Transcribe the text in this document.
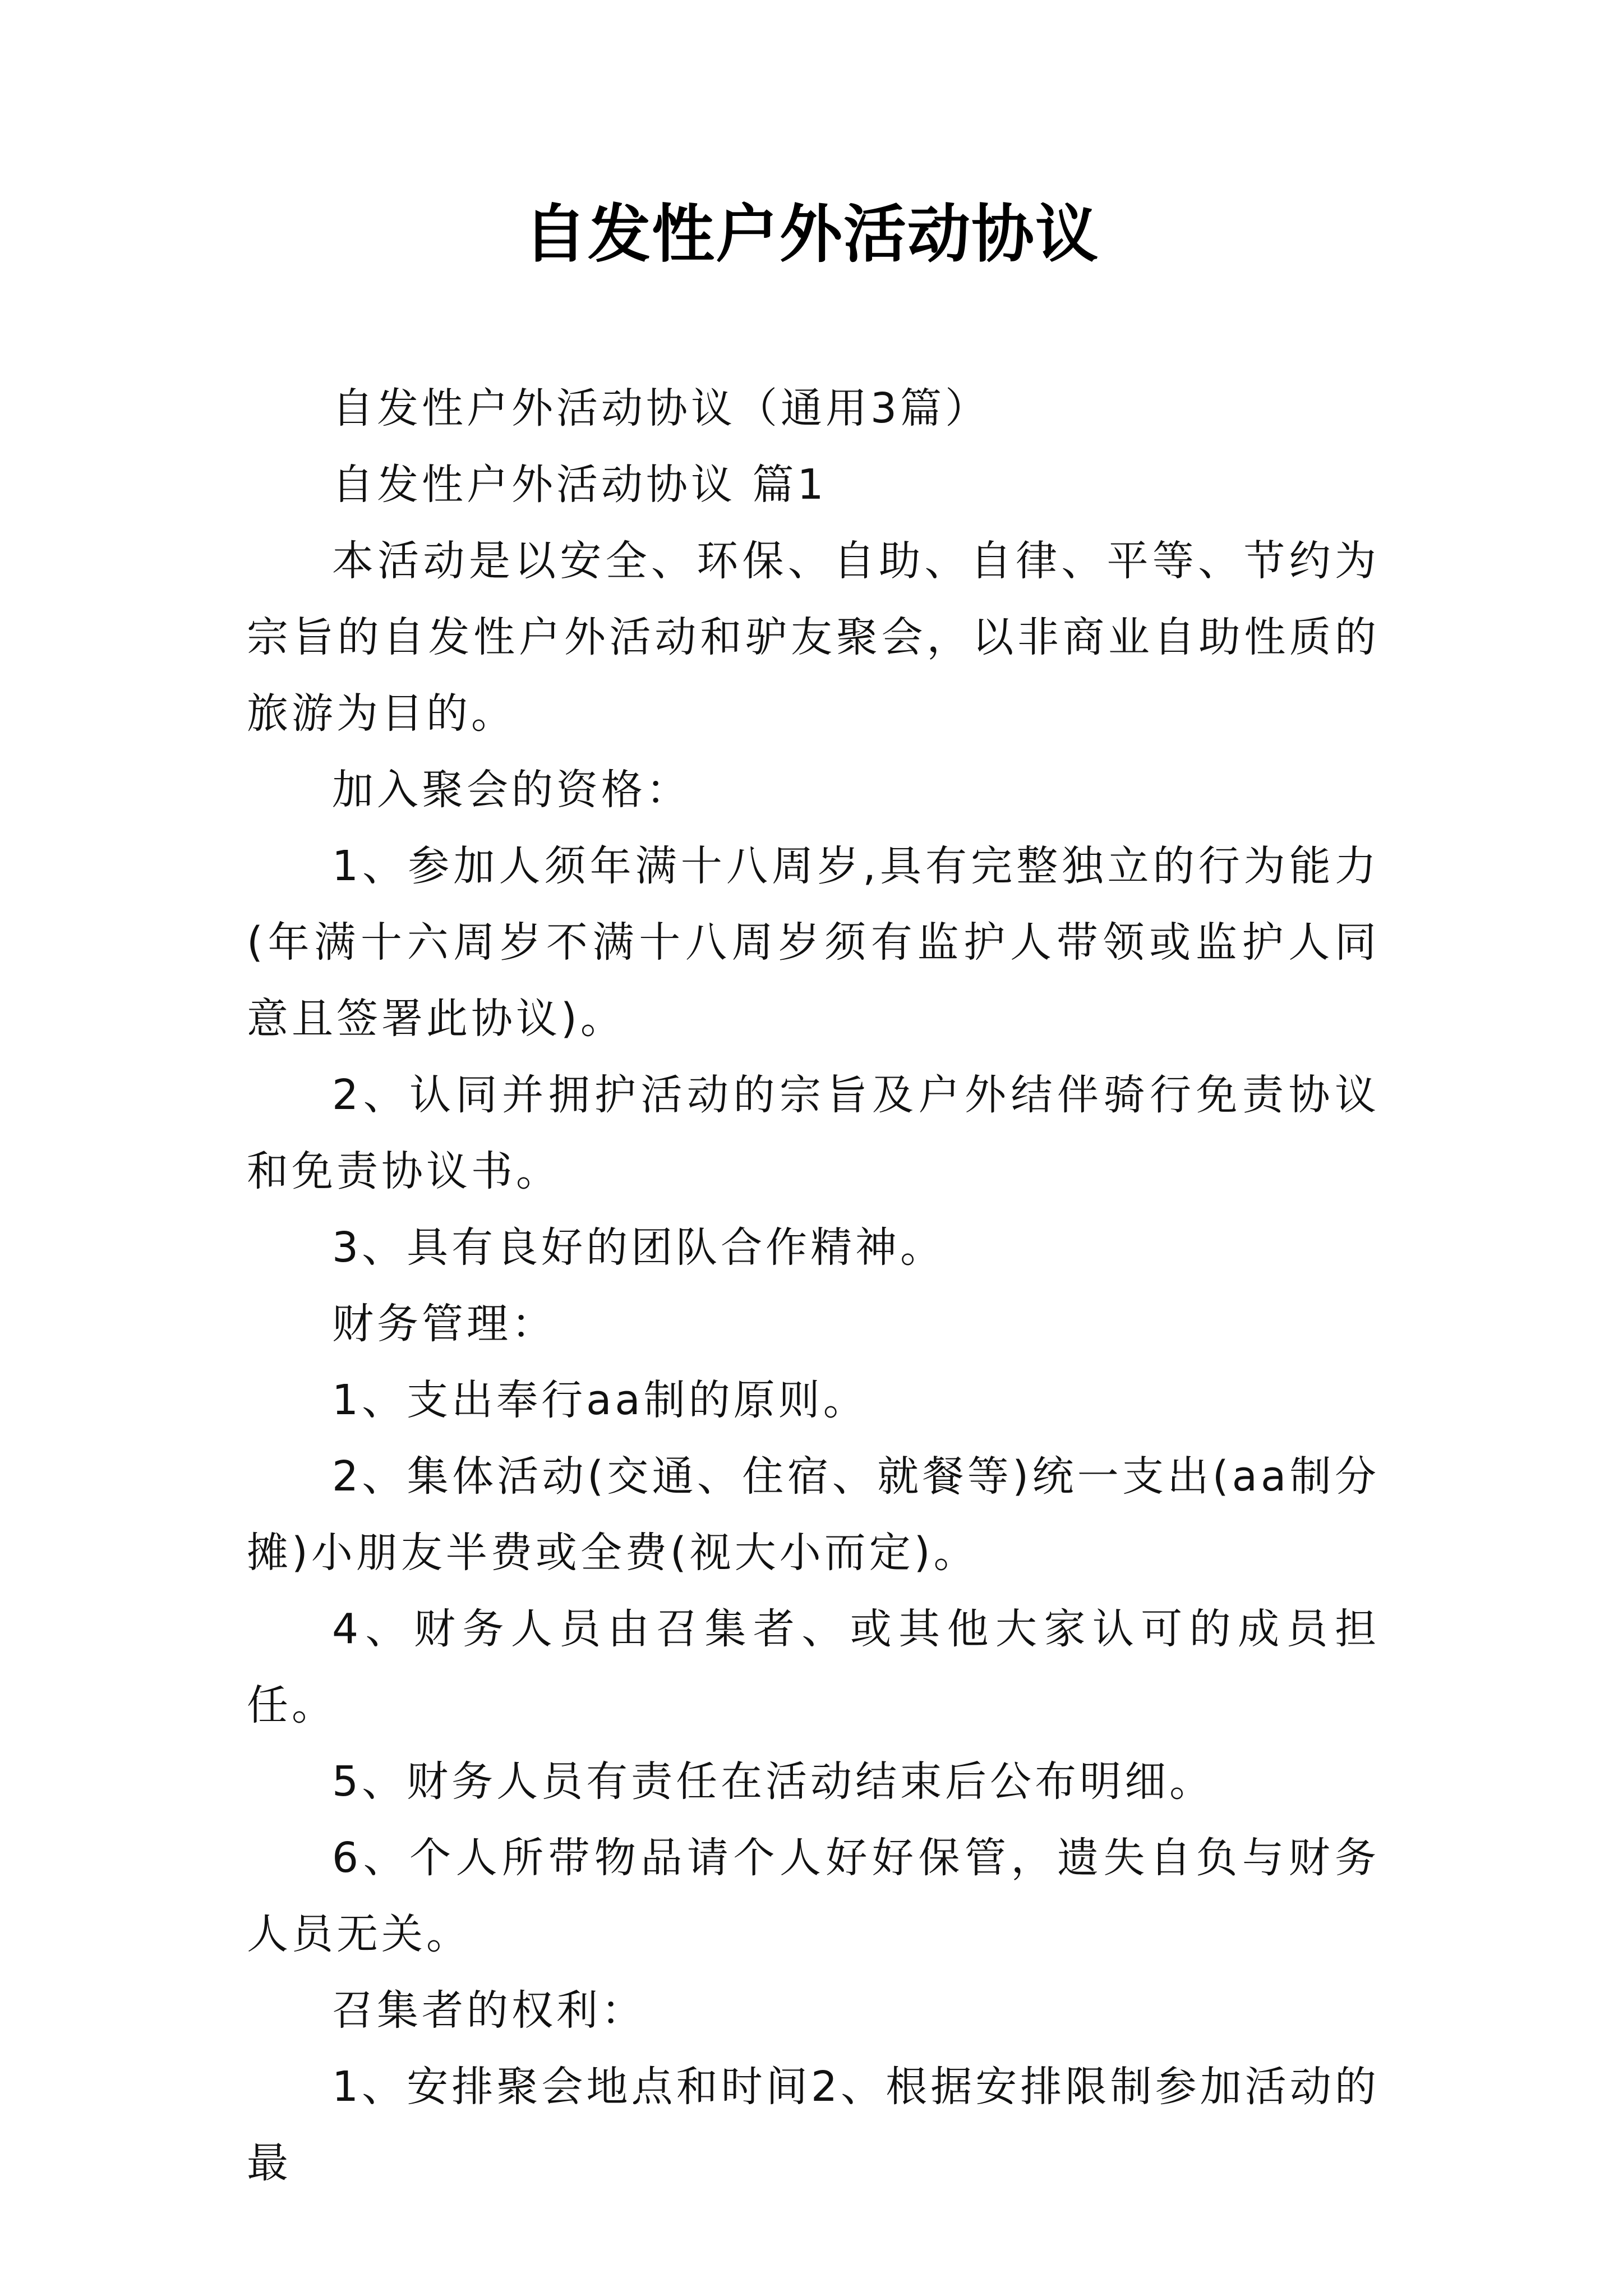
自发性户外活动协议

自发性户外活动协议（通用3篇）

自发性户外活动协议 篇1

本活动是以安全、环保、自助、自律、平等、节约为宗旨的自发性户外活动和驴友聚会，以非商业自助性质的旅游为目的。

加入聚会的资格：

1、参加人须年满十八周岁,具有完整独立的行为能力(年满十六周岁不满十八周岁须有监护人带领或监护人同意且签署此协议)。

2、认同并拥护活动的宗旨及户外结伴骑行免责协议和免责协议书。

3、具有良好的团队合作精神。

财务管理：

1、支出奉行aa制的原则。

2、集体活动(交通、住宿、就餐等)统一支出(aa制分摊)小朋友半费或全费(视大小而定)。

4、财务人员由召集者、或其他大家认可的成员担任。

5、财务人员有责任在活动结束后公布明细。

6、个人所带物品请个人好好保管，遗失自负与财务人员无关。

召集者的权利：

1、安排聚会地点和时间2、根据安排限制参加活动的最
